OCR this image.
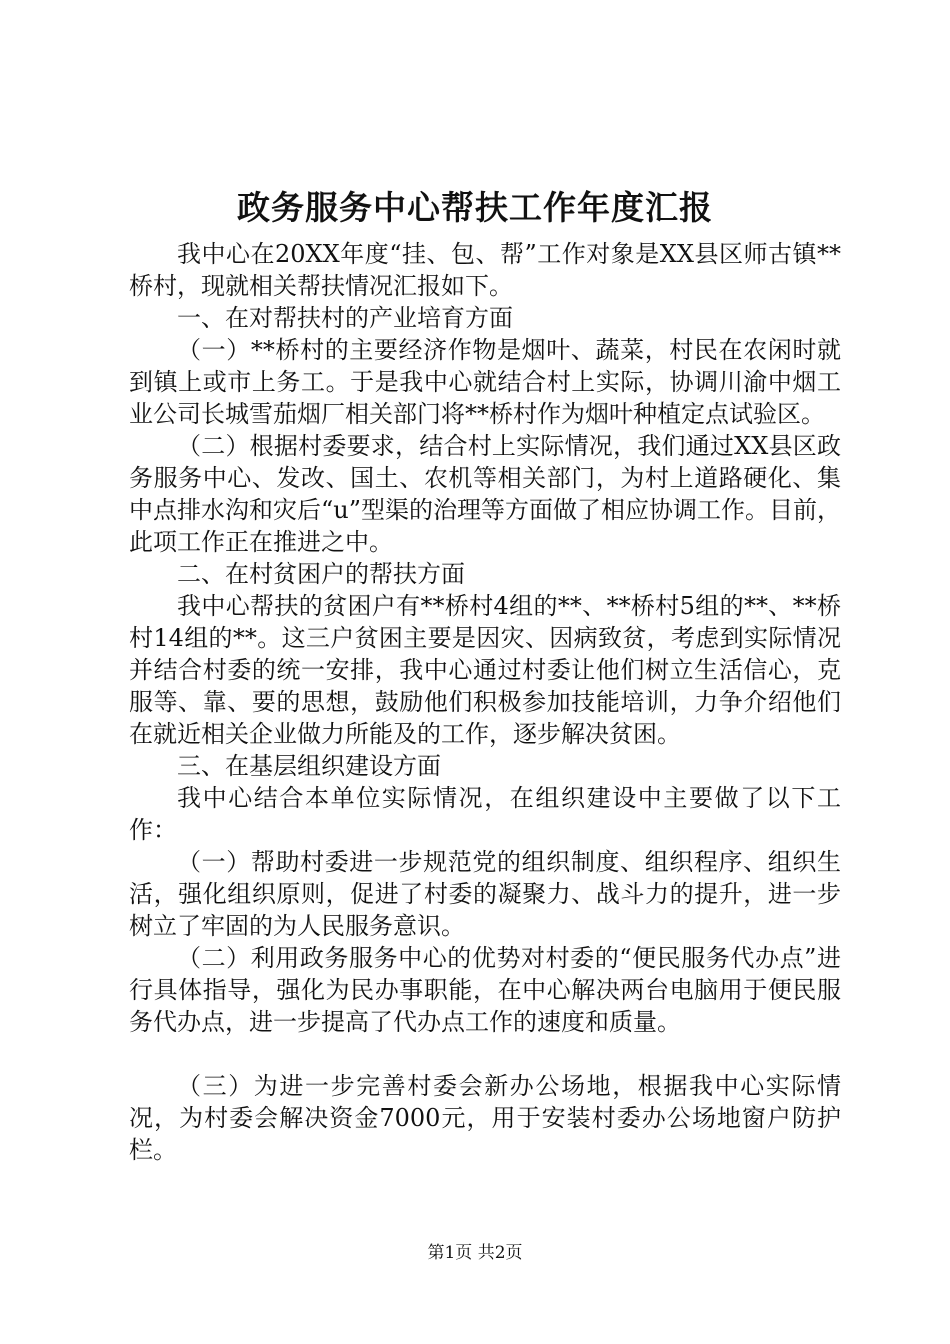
政务服务中心帮扶工作年度汇报

我中心在20XX年度“挂、包、帮”工作对象是XX县区师古镇**桥村，现就相关帮扶情况汇报如下。

一、在对帮扶村的产业培育方面

（一）**桥村的主要经济作物是烟叶、蔬菜，村民在农闲时就到镇上或市上务工。于是我中心就结合村上实际，协调川渝中烟工业公司长城雪茄烟厂相关部门将**桥村作为烟叶种植定点试验区。

（二）根据村委要求，结合村上实际情况，我们通过XX县区政务服务中心、发改、国土、农机等相关部门，为村上道路硬化、集中点排水沟和灾后“u”型渠的治理等方面做了相应协调工作。目前，此项工作正在推进之中。

二、在村贫困户的帮扶方面

我中心帮扶的贫困户有**桥村4组的**、**桥村5组的**、**桥村14组的**。这三户贫困主要是因灾、因病致贫，考虑到实际情况并结合村委的统一安排，我中心通过村委让他们树立生活信心，克服等、靠、要的思想，鼓励他们积极参加技能培训，力争介绍他们在就近相关企业做力所能及的工作，逐步解决贫困。

三、在基层组织建设方面

我中心结合本单位实际情况，在组织建设中主要做了以下工作：

（一）帮助村委进一步规范党的组织制度、组织程序、组织生活，强化组织原则，促进了村委的凝聚力、战斗力的提升，进一步树立了牢固的为人民服务意识。

（二）利用政务服务中心的优势对村委的“便民服务代办点”进行具体指导，强化为民办事职能，在中心解决两台电脑用于便民服务代办点，进一步提高了代办点工作的速度和质量。

（三）为进一步完善村委会新办公场地，根据我中心实际情况，为村委会解决资金7000元，用于安装村委办公场地窗户防护栏。

第1页 共2页
